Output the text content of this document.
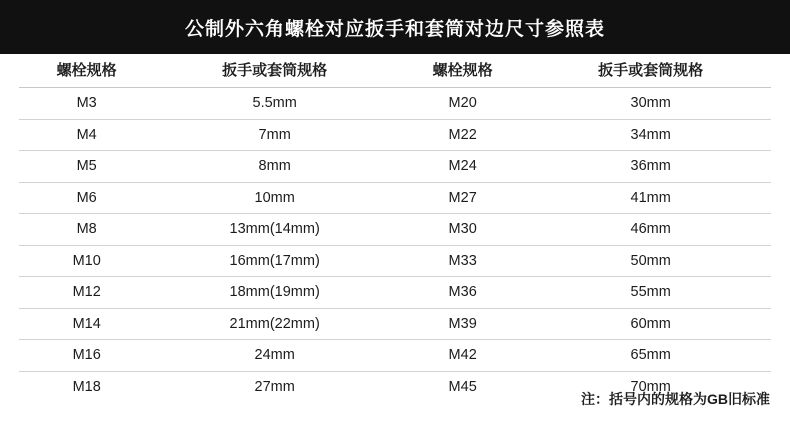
公制外六角螺栓对应扳手和套筒对边尺寸参照表
螺栓规格	扳手或套筒规格	螺栓规格	扳手或套筒规格
M3	5.5mm	M20	30mm
M4	7mm	M22	34mm
M5	8mm	M24	36mm
M6	10mm	M27	41mm
M8	13mm(14mm)	M30	46mm
M10	16mm(17mm)	M33	50mm
M12	18mm(19mm)	M36	55mm
M14	21mm(22mm)	M39	60mm
M16	24mm	M42	65mm
M18	27mm	M45	70mm
注：括号内的规格为GB旧标准
